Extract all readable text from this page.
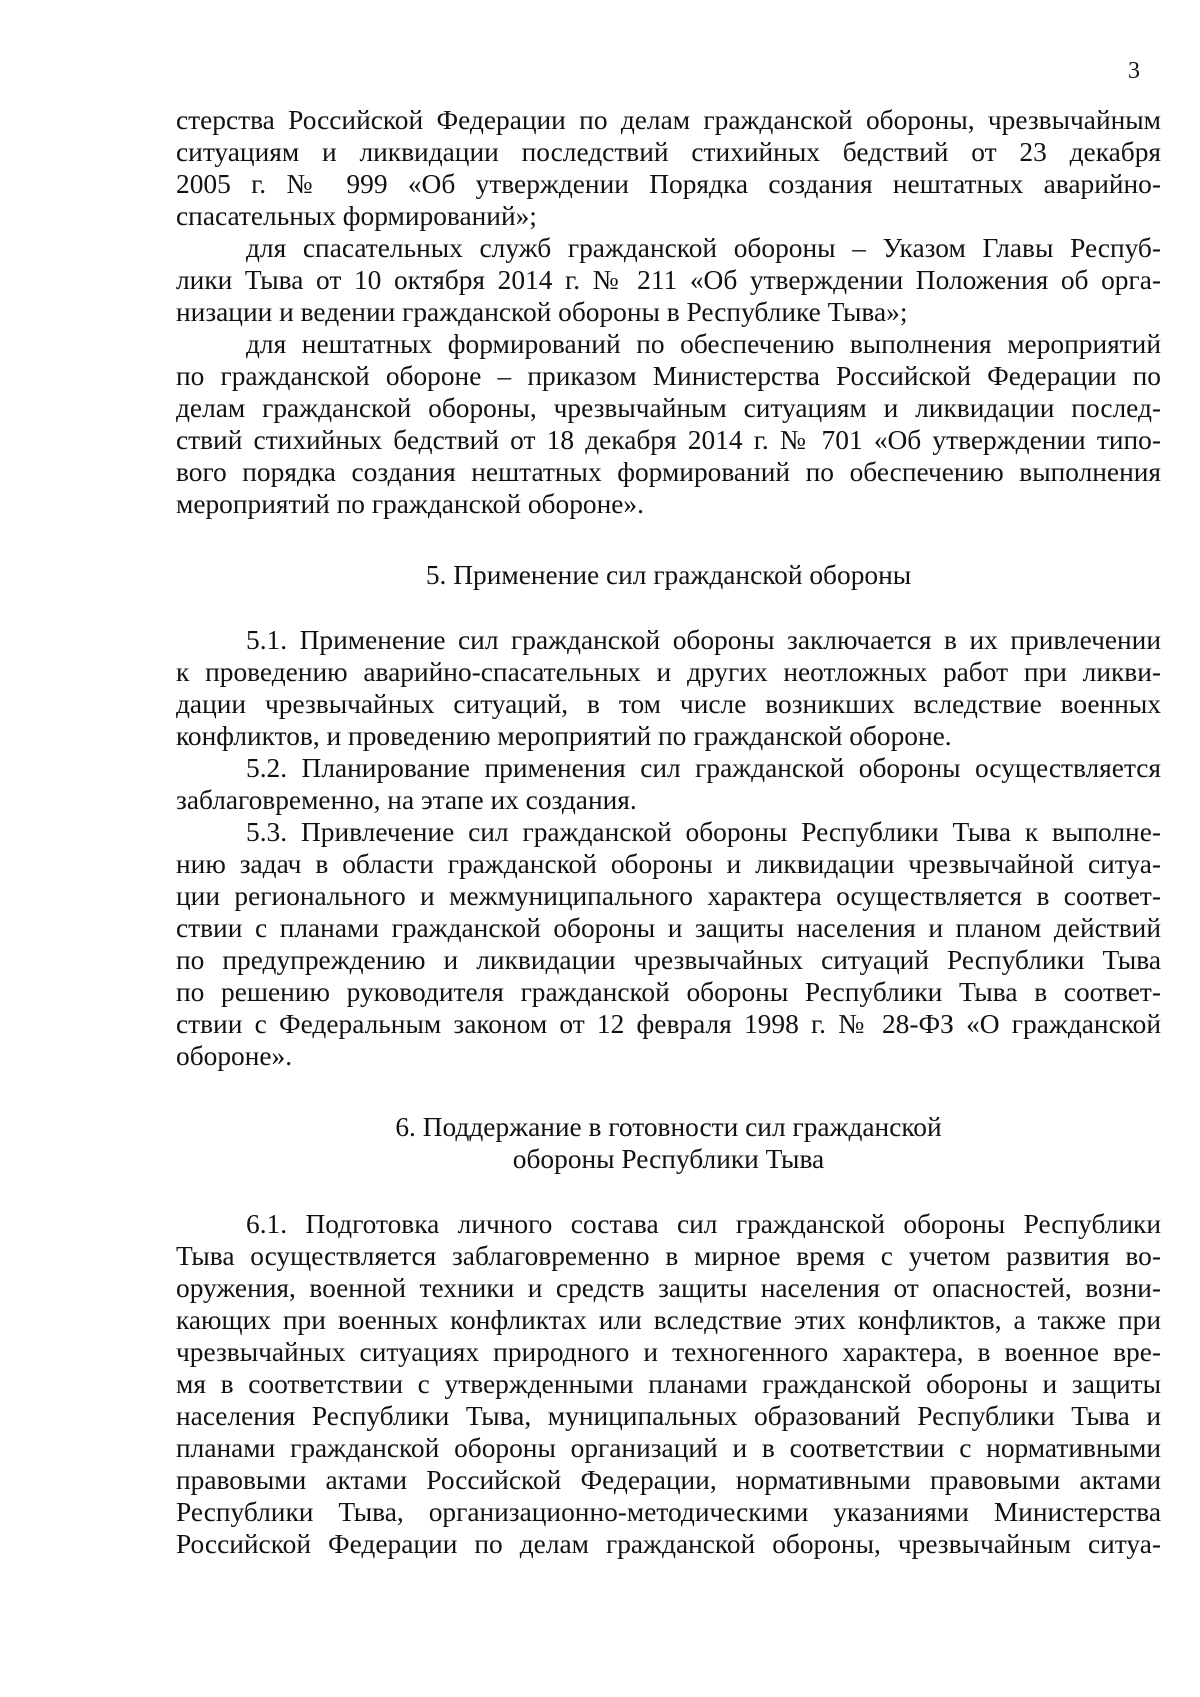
3
стерства Российской Федерации по делам гражданской обороны, чрезвычайным
ситуациям и ликвидации последствий стихийных бедствий от 23 декабря
2005 г. № 999 «Об утверждении Порядка создания нештатных аварийно-
спасательных формирований»;
для спасательных служб гражданской обороны – Указом Главы Респуб-
лики Тыва от 10 октября 2014 г. № 211 «Об утверждении Положения об орга-
низации и ведении гражданской обороны в Республике Тыва»;
для нештатных формирований по обеспечению выполнения мероприятий
по гражданской обороне – приказом Министерства Российской Федерации по
делам гражданской обороны, чрезвычайным ситуациям и ликвидации послед-
ствий стихийных бедствий от 18 декабря 2014 г. № 701 «Об утверждении типо-
вого порядка создания нештатных формирований по обеспечению выполнения
мероприятий по гражданской обороне».
5. Применение сил гражданской обороны
5.1. Применение сил гражданской обороны заключается в их привлечении
к проведению аварийно-спасательных и других неотложных работ при ликви-
дации чрезвычайных ситуаций, в том числе возникших вследствие военных
конфликтов, и проведению мероприятий по гражданской обороне.
5.2. Планирование применения сил гражданской обороны осуществляется
заблаговременно, на этапе их создания.
5.3. Привлечение сил гражданской обороны Республики Тыва к выполне-
нию задач в области гражданской обороны и ликвидации чрезвычайной ситуа-
ции регионального и межмуниципального характера осуществляется в соответ-
ствии с планами гражданской обороны и защиты населения и планом действий
по предупреждению и ликвидации чрезвычайных ситуаций Республики Тыва
по решению руководителя гражданской обороны Республики Тыва в соответ-
ствии с Федеральным законом от 12 февраля 1998 г. № 28-ФЗ «О гражданской
обороне».
6. Поддержание в готовности сил гражданской
обороны Республики Тыва
6.1. Подготовка личного состава сил гражданской обороны Республики
Тыва осуществляется заблаговременно в мирное время с учетом развития во-
оружения, военной техники и средств защиты населения от опасностей, возни-
кающих при военных конфликтах или вследствие этих конфликтов, а также при
чрезвычайных ситуациях природного и техногенного характера, в военное вре-
мя в соответствии с утвержденными планами гражданской обороны и защиты
населения Республики Тыва, муниципальных образований Республики Тыва и
планами гражданской обороны организаций и в соответствии с нормативными
правовыми актами Российской Федерации, нормативными правовыми актами
Республики Тыва, организационно-методическими указаниями Министерства
Российской Федерации по делам гражданской обороны, чрезвычайным ситуа-
